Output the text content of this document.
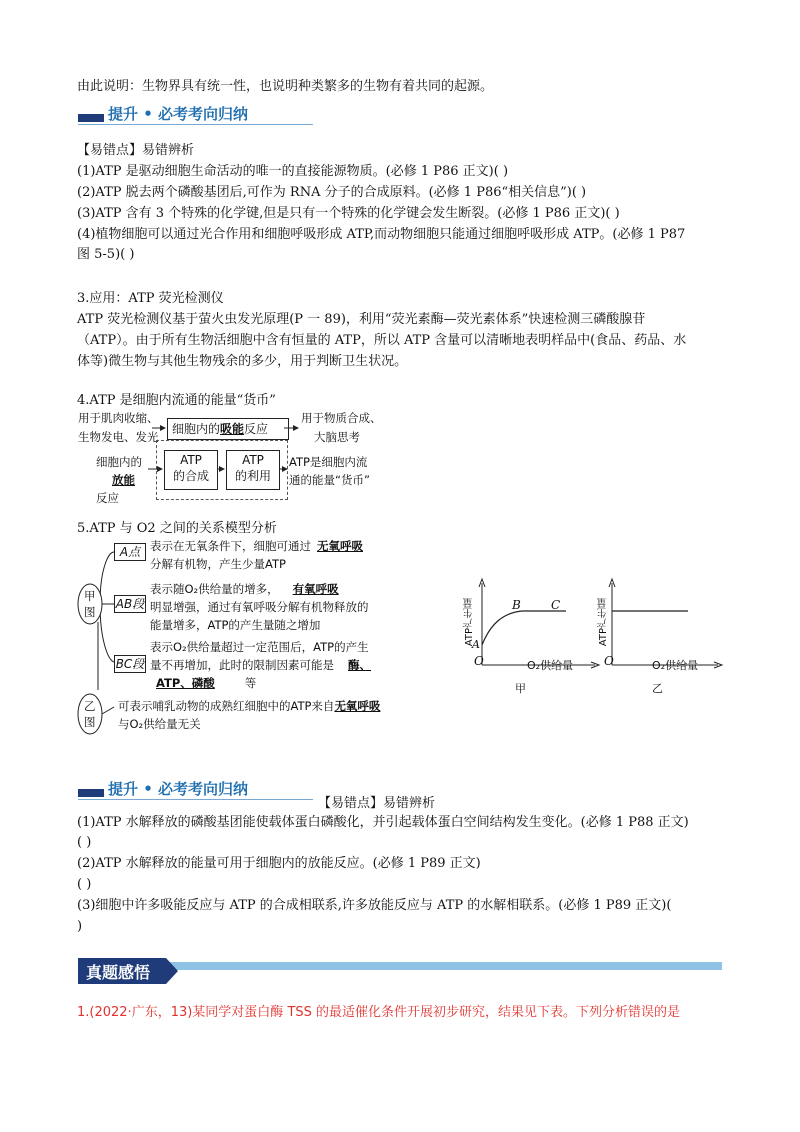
由此说明：生物界具有统一性，也说明种类繁多的生物有着共同的起源。
提升 • 必考考向归纳
【易错点】易错辨析
(1)ATP 是驱动细胞生命活动的唯一的直接能源物质。(必修 1 P86 正文)( )
(2)ATP 脱去两个磷酸基团后,可作为 RNA 分子的合成原料。(必修 1 P86“相关信息”)( )
(3)ATP 含有 3 个特殊的化学键,但是只有一个特殊的化学键会发生断裂。(必修 1 P86 正文)( )
(4)植物细胞可以通过光合作用和细胞呼吸形成 ATP,而动物细胞只能通过细胞呼吸形成 ATP。(必修 1 P87
图 5-5)( )
3.应用：ATP 荧光检测仪
ATP 荧光检测仪基于萤火虫发光原理(P 一 89)，利用“荧光素酶—荧光素体系”快速检测三磷酸腺苷
（ATP）。由于所有生物活细胞中含有恒量的 ATP，所以 ATP 含量可以清晰地表明样品中(食品、药品、水
体等)微生物与其他生物残余的多少，用于判断卫生状况。
4.ATP 是细胞内流通的能量“货币”
用于肌肉收缩、
生物发电、发光
细胞内的吸能反应
用于物质合成、
大脑思考
细胞内的
放能
反应
ATP
的合成
ATP
的利用
ATP是细胞内流
通的能量“货币”
5.ATP 与 O2 之间的关系模型分析
甲图
乙图
A点 表示在无氧条件下，细胞可通过 无氧呼吸
分解有机物，产生少量ATP
AB段
表示随O₂供给量的增多， 有氧呼吸
明显增强，通过有氧呼吸分解有机物释放的
能量增多，ATP的产生量随之增加
BC段
表示O₂供给量超过一定范围后，ATP的产生
量不再增加，此时的限制因素可能是 酶、
ATP、磷酸	等
可表示哺乳动物的成熟红细胞中的ATP来自无氧呼吸
与O₂供给量无关
ATP产生量
O₂供给量
O
A
B	C
甲
ATP产生量
O₂供给量
O
乙
提升 • 必考考向归纳
【易错点】易错辨析
(1)ATP 水解释放的磷酸基团能使载体蛋白磷酸化，并引起载体蛋白空间结构发生变化。(必修 1 P88 正文)
( )
(2)ATP 水解释放的能量可用于细胞内的放能反应。(必修 1 P89 正文)
( )
(3)细胞中许多吸能反应与 ATP 的合成相联系,许多放能反应与 ATP 的水解相联系。(必修 1 P89 正文)(
)
真题感悟
1.(2022·广东，13)某同学对蛋白酶 TSS 的最适催化条件开展初步研究，结果见下表。下列分析错误的是
